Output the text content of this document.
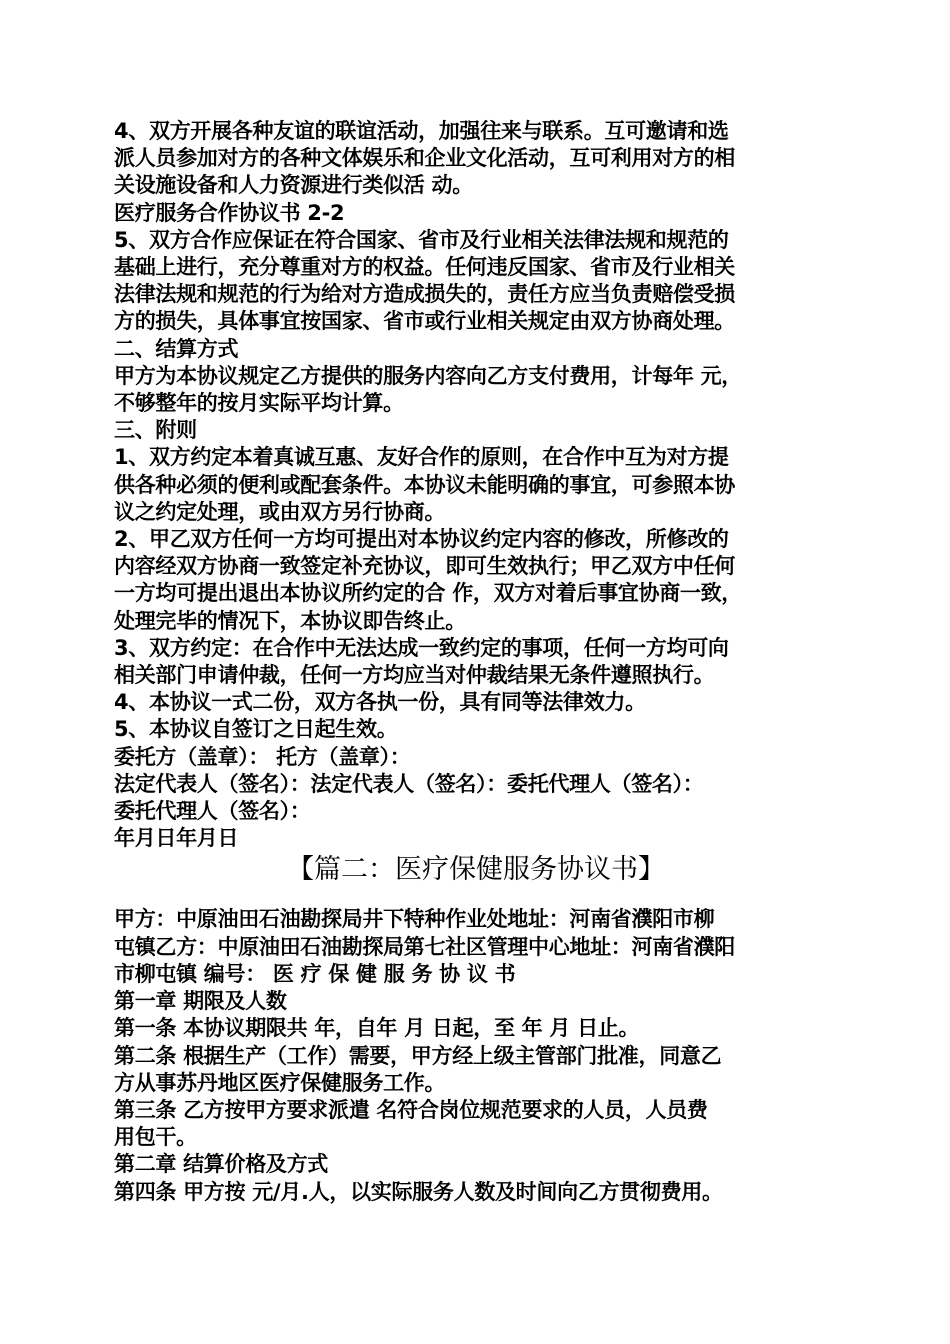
4、双方开展各种友谊的联谊活动，加强往来与联系。互可邀请和选
派人员参加对方的各种文体娱乐和企业文化活动，互可利用对方的相
关设施设备和人力资源进行类似活 动。
医疗服务合作协议书 2-2
5、双方合作应保证在符合国家、省市及行业相关法律法规和规范的
基础上进行，充分尊重对方的权益。任何违反国家、省市及行业相关
法律法规和规范的行为给对方造成损失的，责任方应当负责赔偿受损
方的损失，具体事宜按国家、省市或行业相关规定由双方协商处理。
二、结算方式
甲方为本协议规定乙方提供的服务内容向乙方支付费用，计每年 元，
不够整年的按月实际平均计算。
三、附则
1、双方约定本着真诚互惠、友好合作的原则，在合作中互为对方提
供各种必须的便利或配套条件。本协议未能明确的事宜，可参照本协
议之约定处理，或由双方另行协商。
2、甲乙双方任何一方均可提出对本协议约定内容的修改，所修改的
内容经双方协商一致签定补充协议，即可生效执行；甲乙双方中任何
一方均可提出退出本协议所约定的合 作，双方对着后事宜协商一致，
处理完毕的情况下，本协议即告终止。
3、双方约定：在合作中无法达成一致约定的事项，任何一方均可向
相关部门申请仲裁，任何一方均应当对仲裁结果无条件遵照执行。
4、本协议一式二份，双方各执一份，具有同等法律效力。
5、本协议自签订之日起生效。
委托方（盖章）： 托方（盖章）：
法定代表人（签名）：法定代表人（签名）：委托代理人（签名）：
委托代理人（签名）：
年月日年月日
【篇二：医疗保健服务协议书】
甲方：中原油田石油勘探局井下特种作业处地址：河南省濮阳市柳
屯镇乙方：中原油田石油勘探局第七社区管理中心地址：河南省濮阳
市柳屯镇 编号： 医 疗 保 健 服 务 协 议 书
第一章 期限及人数
第一条 本协议期限共 年，自年 月 日起，至 年 月 日止。
第二条 根据生产（工作）需要，甲方经上级主管部门批准，同意乙
方从事苏丹地区医疗保健服务工作。
第三条 乙方按甲方要求派遣 名符合岗位规范要求的人员，人员费
用包干。
第二章 结算价格及方式
第四条 甲方按 元/月.人，以实际服务人数及时间向乙方贯彻费用。
